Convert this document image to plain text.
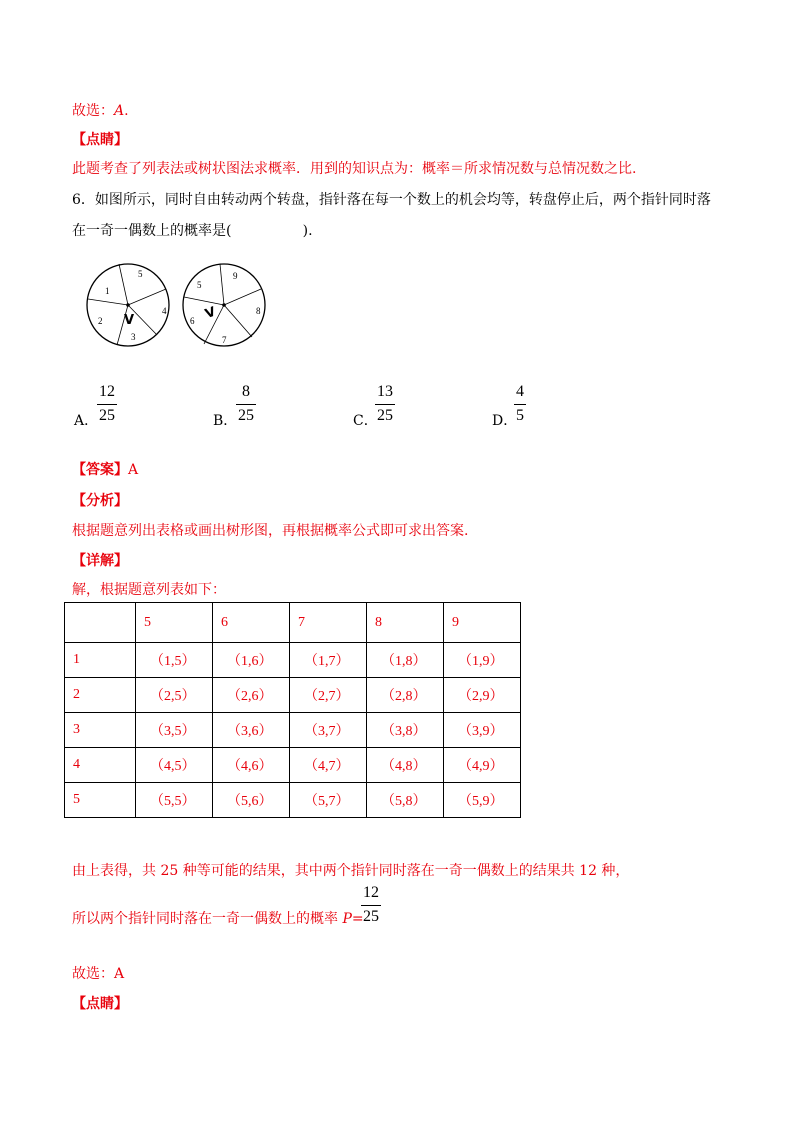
故选：A.
【点睛】
此题考查了列表法或树状图法求概率．用到的知识点为：概率＝所求情况数与总情况数之比.
6．如图所示，同时自由转动两个转盘，指针落在每一个数上的机会均等，转盘停止后，两个指针同时落
在一奇一偶数上的概率是(                ).
1
5
2
3
4
V
5
9
6
8
7
V
A．
12
25	B．
8
25	C．
13
25	D．
4
5
【答案】A
【分析】
根据题意列出表格或画出树形图，再根据概率公式即可求出答案.
【详解】
解，根据题意列表如下：
	5	6	7	8	9
1	（1,5）	（1,6）	（1,7）	（1,8）	（1,9）
2	（2,5）	（2,6）	（2,7）	（2,8）	（2,9）
3	（3,5）	（3,6）	（3,7）	（3,8）	（3,9）
4	（4,5）	（4,6）	（4,7）	（4,8）	（4,9）
5	（5,5）	（5,6）	（5,7）	（5,8）	（5,9）
由上表得，共 25 种等可能的结果，其中两个指针同时落在一奇一偶数上的结果共 12 种，
所以两个指针同时落在一奇一偶数上的概率 P=
12
25
故选：A
【点睛】
